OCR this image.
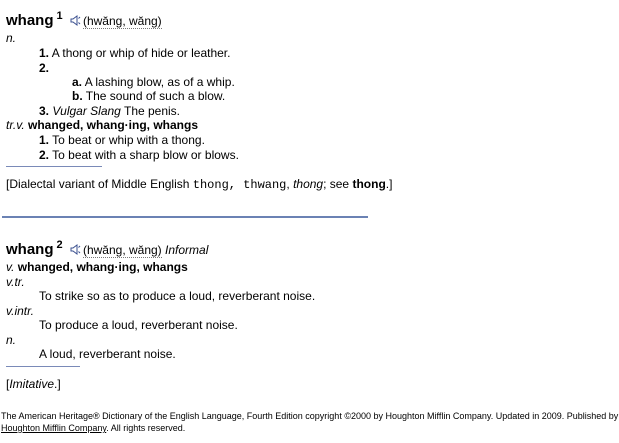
whang 1 (hwăng, wăng)
n.
1. A thong or whip of hide or leather.
2.
a. A lashing blow, as of a whip.
b. The sound of such a blow.
3. Vulgar Slang The penis.
tr.v. whanged, whang·ing, whangs
1. To beat or whip with a thong.
2. To beat with a sharp blow or blows.
[Dialectal variant of Middle English thong, thwang, thong; see thong.]
whang 2 (hwăng, wăng) Informal
v. whanged, whang·ing, whangs
v.tr.
To strike so as to produce a loud, reverberant noise.
v.intr.
To produce a loud, reverberant noise.
n.
A loud, reverberant noise.
[Imitative.]
The American Heritage® Dictionary of the English Language, Fourth Edition copyright ©2000 by Houghton Mifflin Company. Updated in 2009. Published by
Houghton Mifflin Company. All rights reserved.
